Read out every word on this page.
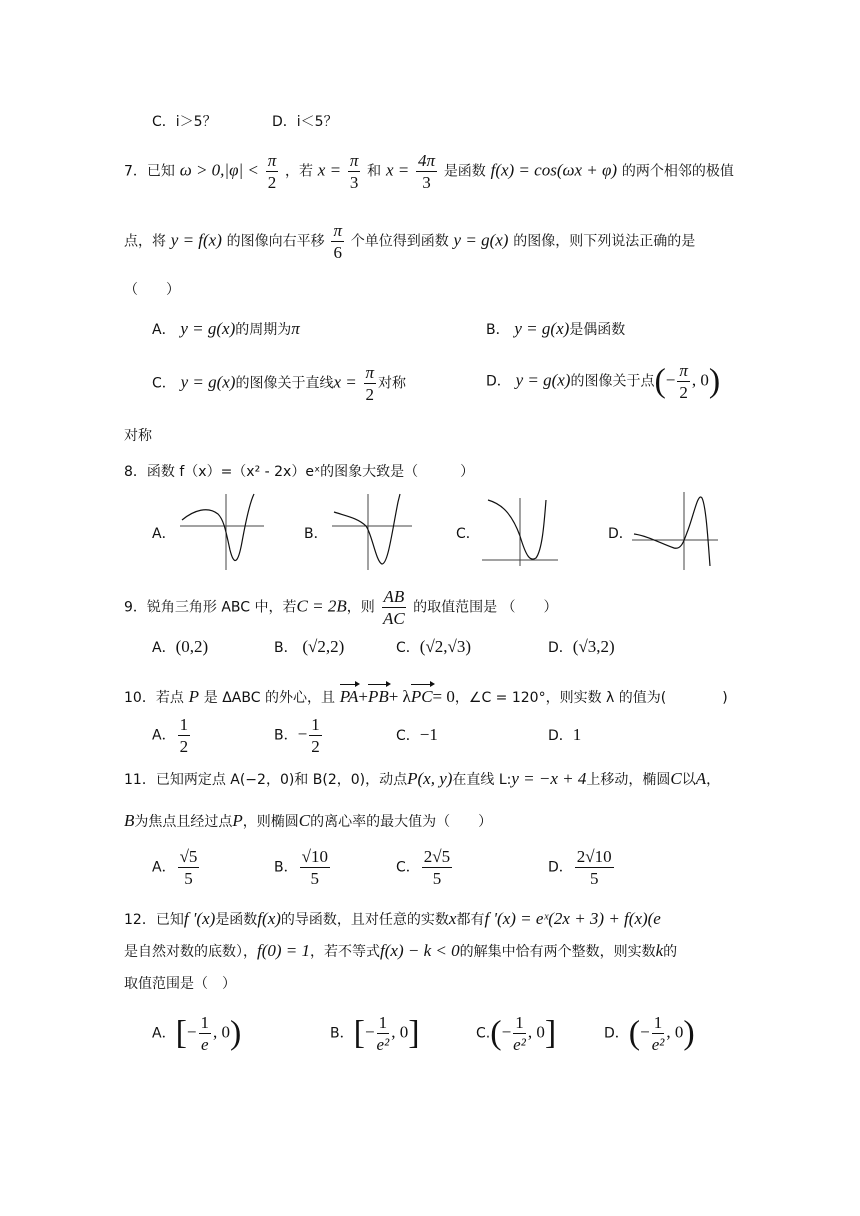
C．i＞5？	D．i＜5？
7．已知 $\omega > 0,|\varphi| < \frac{\pi}{2}$ ，若 $x = \frac{\pi}{3}$ 和 $x = \frac{4\pi}{3}$ 是函数 f(x) = cos(ωx + φ) 的两个相邻的极值
点，将 y = f(x) 的图像向右平移 $\frac{\pi}{6}$ 个单位得到函数 y = g(x) 的图像，则下列说法正确的是
（　　）
A． y = g(x)的周期为π	B． y = g(x)是偶函数
C． y = g(x)的图像关于直线$x = \frac{\pi}{2}$ 对称	D． y = g(x)的图像关于点(− $\frac{\pi}{2}$ , 0)
对称
8．函数 f（x）=（x² - 2x）eˣ的图象大致是（　　　）
A．	B．	C．	D．
9．锐角三角形 ABC 中，若C = 2B，则 $\frac{AB}{AC}$ 的取值范围是 （　　）
A．(0,2)	B． (√2,2)	C．(√2,√3)	D．(√3,2)
10．若点 P 是 ΔABC 的外心，且 PA+PB+ λPC= 0，∠C = 120°，则实数 λ 的值为(　　　　)
A． $\frac{1}{2}$	B．− $\frac{1}{2}$	C．−1	D．1
11．已知两定点 A(−2，0)和 B(2，0)，动点P(x, y)在直线 L:y = −x + 4上移动，椭圆C以A，
B为焦点且经过点P，则椭圆C的离心率的最大值为（　　）
A． $\frac{√5}{5}$	B． $\frac{√10}{5}$	C． $\frac{2√5}{5}$	D． $\frac{2√10}{5}$
12．已知f '(x)是函数f(x)的导函数，且对任意的实数x都有f '(x) = eˣ(2x + 3) + f(x)(e
是自然对数的底数），f(0) = 1，若不等式f(x) − k < 0的解集中恰有两个整数，则实数k的
取值范围是（　）
A．[− $\frac{1}{e}$ , 0)	B．[− $\frac{1}{\text{e²}}$ , 0]	$C.(- \frac{1}{\text{e²}}$ , 0]	D．(− $\frac{1}{\text{e²}}$ , 0)
